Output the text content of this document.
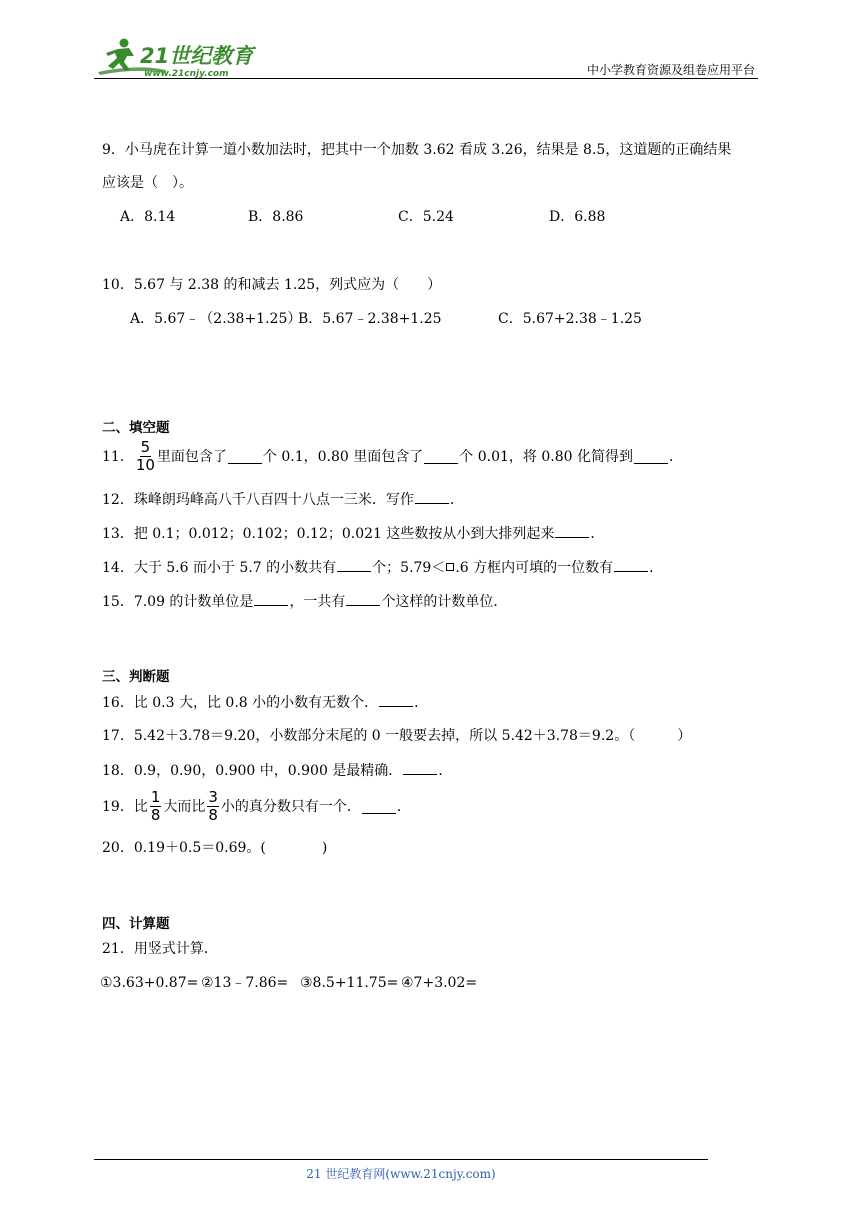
21世纪教育
www.21cnjy.com	中小学教育资源及组卷应用平台
9．小马虎在计算一道小数加法时，把其中一个加数 3.62 看成 3.26，结果是 8.5，这道题的正确结果
应该是（　）。
A．8.14	B．8.86	C．5.24	D．6.88
10．5.67 与 2.38 的和减去 1.25，列式应为（　　）
A．5.67﹣（2.38+1.25）
B．5.67﹣2.38+1.25	C．5.67+2.38﹣1.25
二、填空题
11． $\frac{5}{10}$ 里面包含了	个 0.1，0.80 里面包含了	个 0.01，将 0.80 化简得到	．
12．珠峰朗玛峰高八千八百四十八点一三米．写作	．
13．把 0.1；0.012；0.102；0.12；0.021 这些数按从小到大排列起来	．
14．大于 5.6 而小于 5.7 的小数共有	个；5.79＜ .6 方框内可填的一位数有	．
15．7.09 的计数单位是	，一共有	个这样的计数单位．
三、判断题
16．比 0.3 大，比 0.8 小的小数有无数个．	．
17．5.42＋3.78＝9.20，小数部分末尾的 0 一般要去掉，所以 5.42＋3.78＝9.2。（　　　）
18．0.9，0.90，0.900 中，0.900 是最精确．	．
19．比 $\frac{1}{8}$ 大而比 $\frac{3}{8}$ 小的真分数只有一个．	．
20．0.19＋0.5＝0.69。(　　　　)
四、计算题
21．用竖式计算．
①3.63+0.87= ②13﹣7.86= ③8.5+11.75= ④7+3.02=
21 世纪教育网(www.21cnjy.com)
